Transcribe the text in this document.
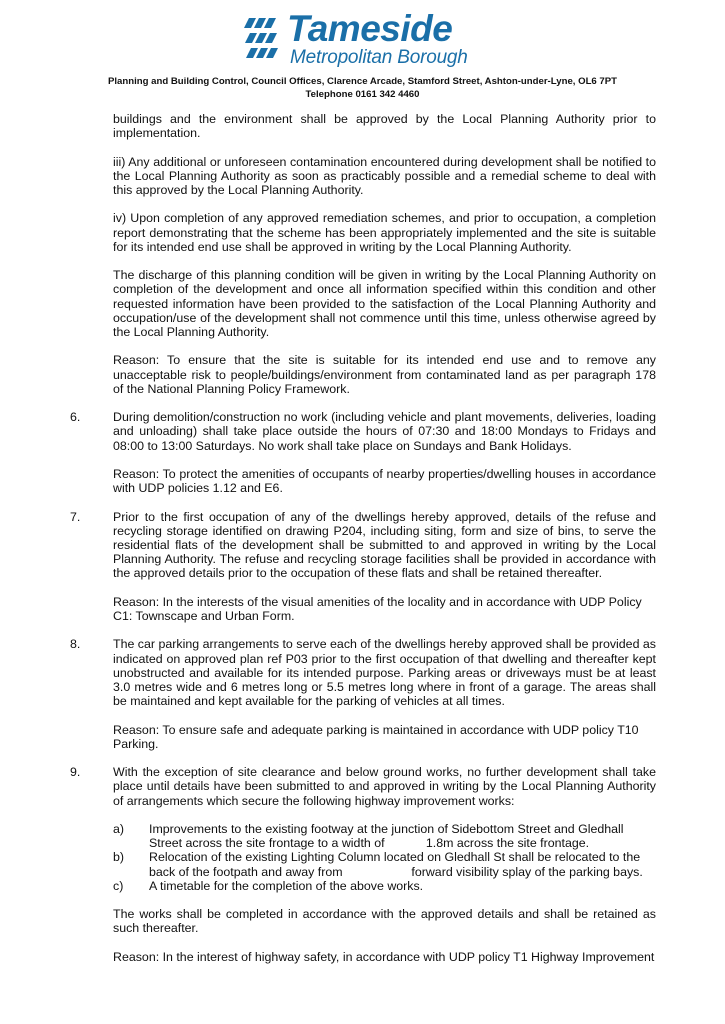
Tameside
Metropolitan Borough
Planning and Building Control, Council Offices, Clarence Arcade, Stamford Street, Ashton-under-Lyne, OL6 7PT
Telephone 0161 342 4460

buildings and the environment shall be approved by the Local Planning Authority prior to implementation.

iii) Any additional or unforeseen contamination encountered during development shall be notified to the Local Planning Authority as soon as practicably possible and a remedial scheme to deal with this approved by the Local Planning Authority.

iv) Upon completion of any approved remediation schemes, and prior to occupation, a completion report demonstrating that the scheme has been appropriately implemented and the site is suitable for its intended end use shall be approved in writing by the Local Planning Authority.

The discharge of this planning condition will be given in writing by the Local Planning Authority on completion of the development and once all information specified within this condition and other requested information have been provided to the satisfaction of the Local Planning Authority and occupation/use of the development shall not commence until this time, unless otherwise agreed by the Local Planning Authority.

Reason: To ensure that the site is suitable for its intended end use and to remove any unacceptable risk to people/buildings/environment from contaminated land as per paragraph 178 of the National Planning Policy Framework.

6.	During demolition/construction no work (including vehicle and plant movements, deliveries, loading and unloading) shall take place outside the hours of 07:30 and 18:00 Mondays to Fridays and 08:00 to 13:00 Saturdays. No work shall take place on Sundays and Bank Holidays.

Reason: To protect the amenities of occupants of nearby properties/dwelling houses in accordance with UDP policies 1.12 and E6.

7.	Prior to the first occupation of any of the dwellings hereby approved, details of the refuse and recycling storage identified on drawing P204, including siting, form and size of bins, to serve the residential flats of the development shall be submitted to and approved in writing by the Local Planning Authority. The refuse and recycling storage facilities shall be provided in accordance with the approved details prior to the occupation of these flats and shall be retained thereafter.

Reason: In the interests of the visual amenities of the locality and in accordance with UDP Policy C1: Townscape and Urban Form.

8.	The car parking arrangements to serve each of the dwellings hereby approved shall be provided as indicated on approved plan ref P03 prior to the first occupation of that dwelling and thereafter kept unobstructed and available for its intended purpose. Parking areas or driveways must be at least 3.0 metres wide and 6 metres long or 5.5 metres long where in front of a garage. The areas shall be maintained and kept available for the parking of vehicles at all times.

Reason: To ensure safe and adequate parking is maintained in accordance with UDP policy T10 Parking.

9.	With the exception of site clearance and below ground works, no further development shall take place until details have been submitted to and approved in writing by the Local Planning Authority of arrangements which secure the following highway improvement works:

a)	Improvements to the existing footway at the junction of Sidebottom Street and Gledhall Street across the site frontage to a width of            1.8m across the site frontage.
b)	Relocation of the existing Lighting Column located on Gledhall St shall be relocated to the back of the footpath and away from                    forward visibility splay of the parking bays.
c)	A timetable for the completion of the above works.

The works shall be completed in accordance with the approved details and shall be retained as such thereafter.

Reason: In the interest of highway safety, in accordance with UDP policy T1 Highway Improvement
